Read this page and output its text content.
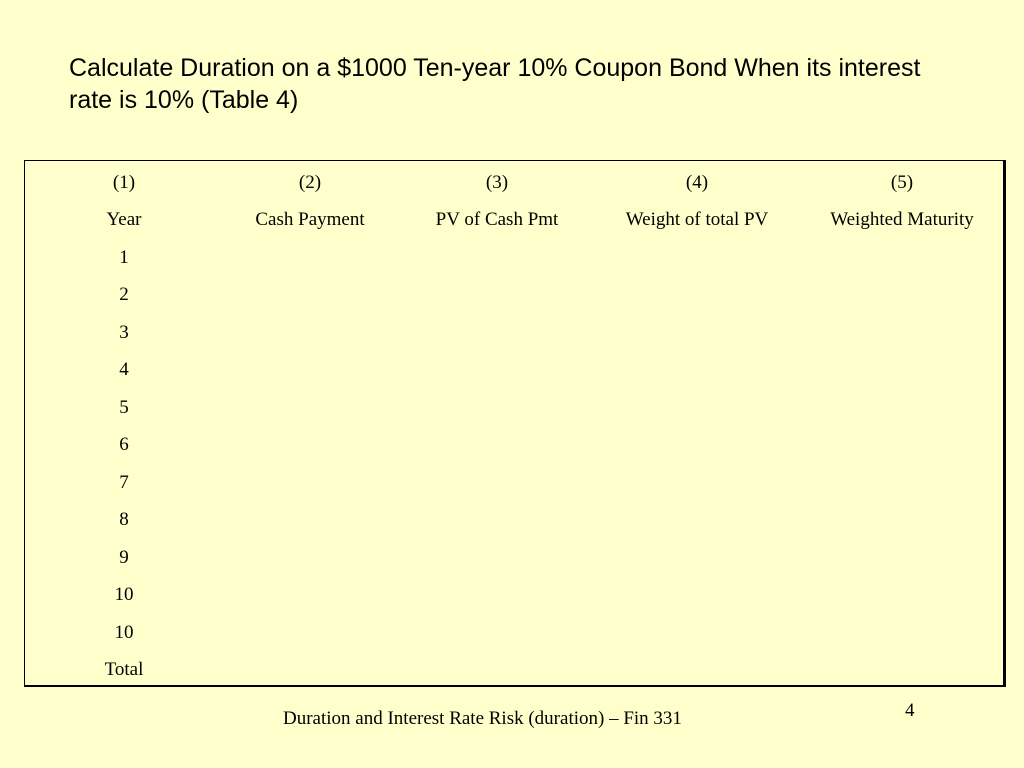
Calculate Duration on a $1000 Ten-year 10% Coupon Bond When its interest rate is 10% (Table 4)
(1)	(2)	(3)	(4)	(5)
Year	Cash Payment	PV of Cash Pmt	Weight of total PV	Weighted Maturity
1				
2				
3				
4				
5				
6				
7				
8				
9				
10				
10				
Total				
Duration and Interest Rate Risk (duration) – Fin 331	4
